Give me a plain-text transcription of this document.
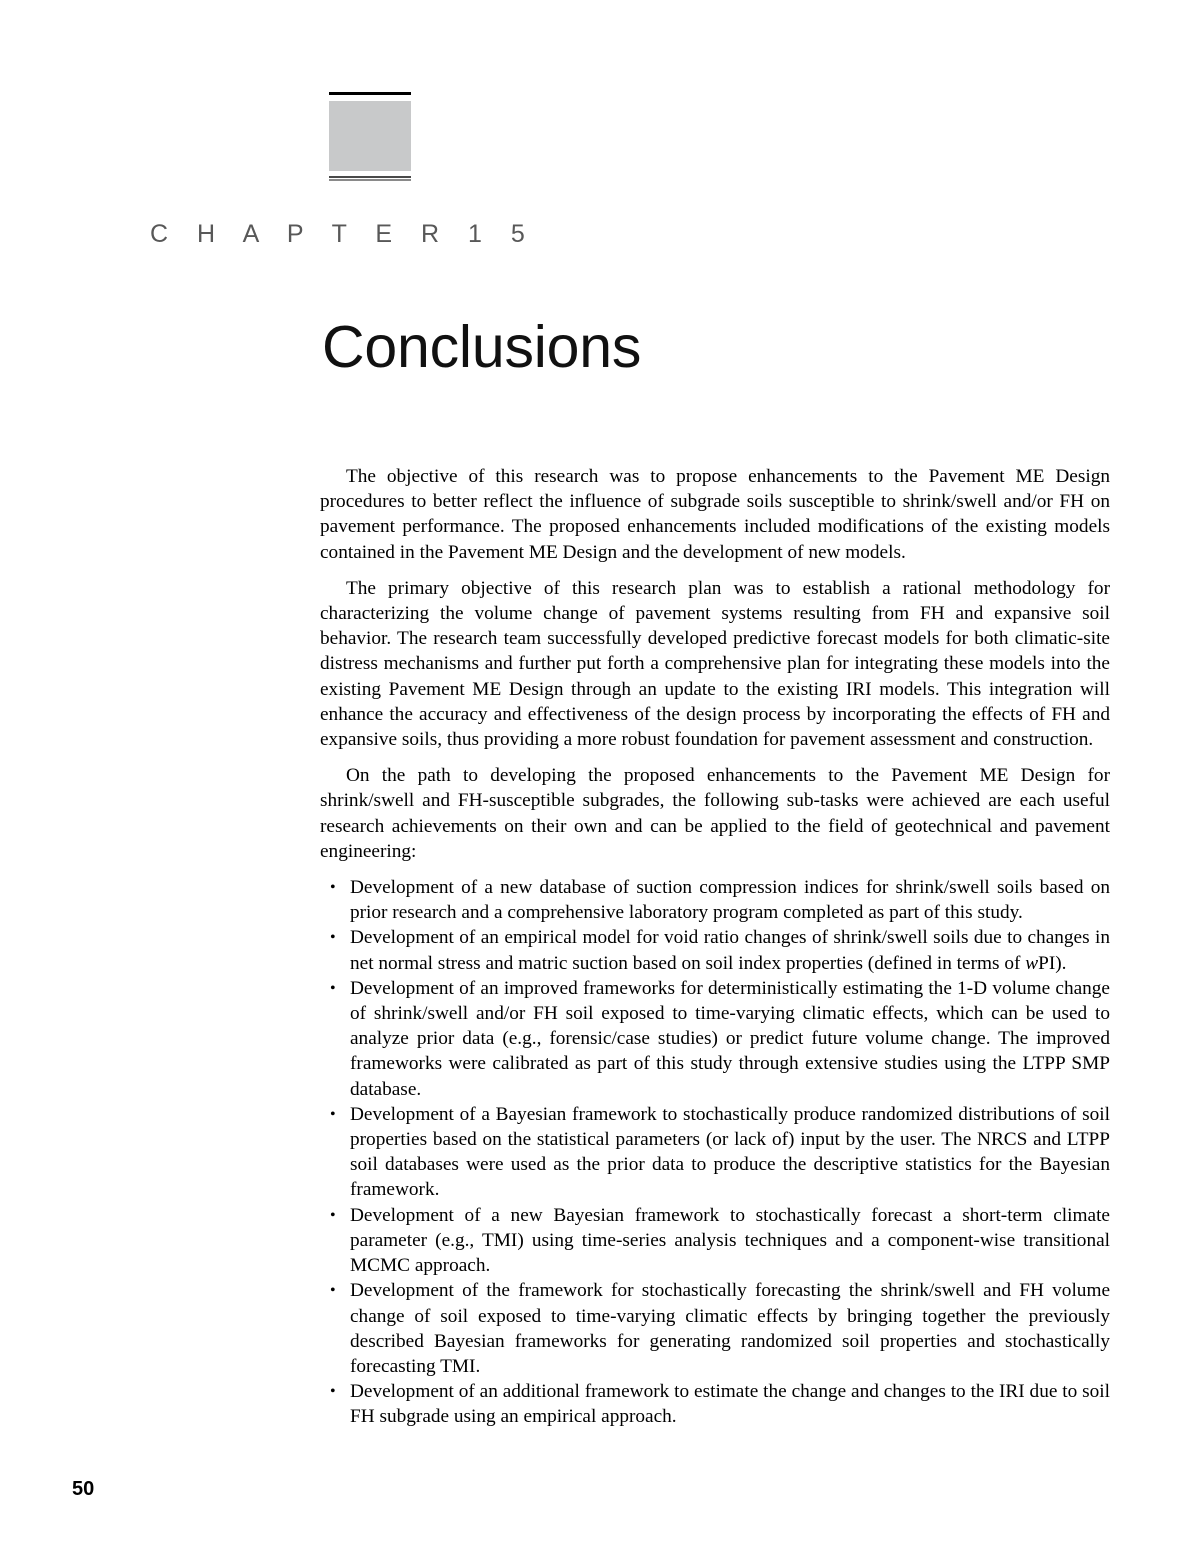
C H A P T E R 1 5
Conclusions

The objective of this research was to propose enhancements to the Pavement ME Design procedures to better reflect the influence of subgrade soils susceptible to shrink/swell and/or FH on pavement performance. The proposed enhancements included modifications of the existing models contained in the Pavement ME Design and the development of new models.

The primary objective of this research plan was to establish a rational methodology for characterizing the volume change of pavement systems resulting from FH and expansive soil behavior. The research team successfully developed predictive forecast models for both climatic-site distress mechanisms and further put forth a comprehensive plan for integrating these models into the existing Pavement ME Design through an update to the existing IRI models. This integration will enhance the accuracy and effectiveness of the design process by incorporating the effects of FH and expansive soils, thus providing a more robust foundation for pavement assessment and construction.

On the path to developing the proposed enhancements to the Pavement ME Design for shrink/swell and FH-susceptible subgrades, the following sub-tasks were achieved are each useful research achievements on their own and can be applied to the field of geotechnical and pavement engineering:

• Development of a new database of suction compression indices for shrink/swell soils based on prior research and a comprehensive laboratory program completed as part of this study.
• Development of an empirical model for void ratio changes of shrink/swell soils due to changes in net normal stress and matric suction based on soil index properties (defined in terms of wPI).
• Development of an improved frameworks for deterministically estimating the 1-D volume change of shrink/swell and/or FH soil exposed to time-varying climatic effects, which can be used to analyze prior data (e.g., forensic/case studies) or predict future volume change. The improved frameworks were calibrated as part of this study through extensive studies using the LTPP SMP database.
• Development of a Bayesian framework to stochastically produce randomized distributions of soil properties based on the statistical parameters (or lack of) input by the user. The NRCS and LTPP soil databases were used as the prior data to produce the descriptive statistics for the Bayesian framework.
• Development of a new Bayesian framework to stochastically forecast a short-term climate parameter (e.g., TMI) using time-series analysis techniques and a component-wise transitional MCMC approach.
• Development of the framework for stochastically forecasting the shrink/swell and FH volume change of soil exposed to time-varying climatic effects by bringing together the previously described Bayesian frameworks for generating randomized soil properties and stochastically forecasting TMI.
• Development of an additional framework to estimate the change and changes to the IRI due to soil FH subgrade using an empirical approach.
50
